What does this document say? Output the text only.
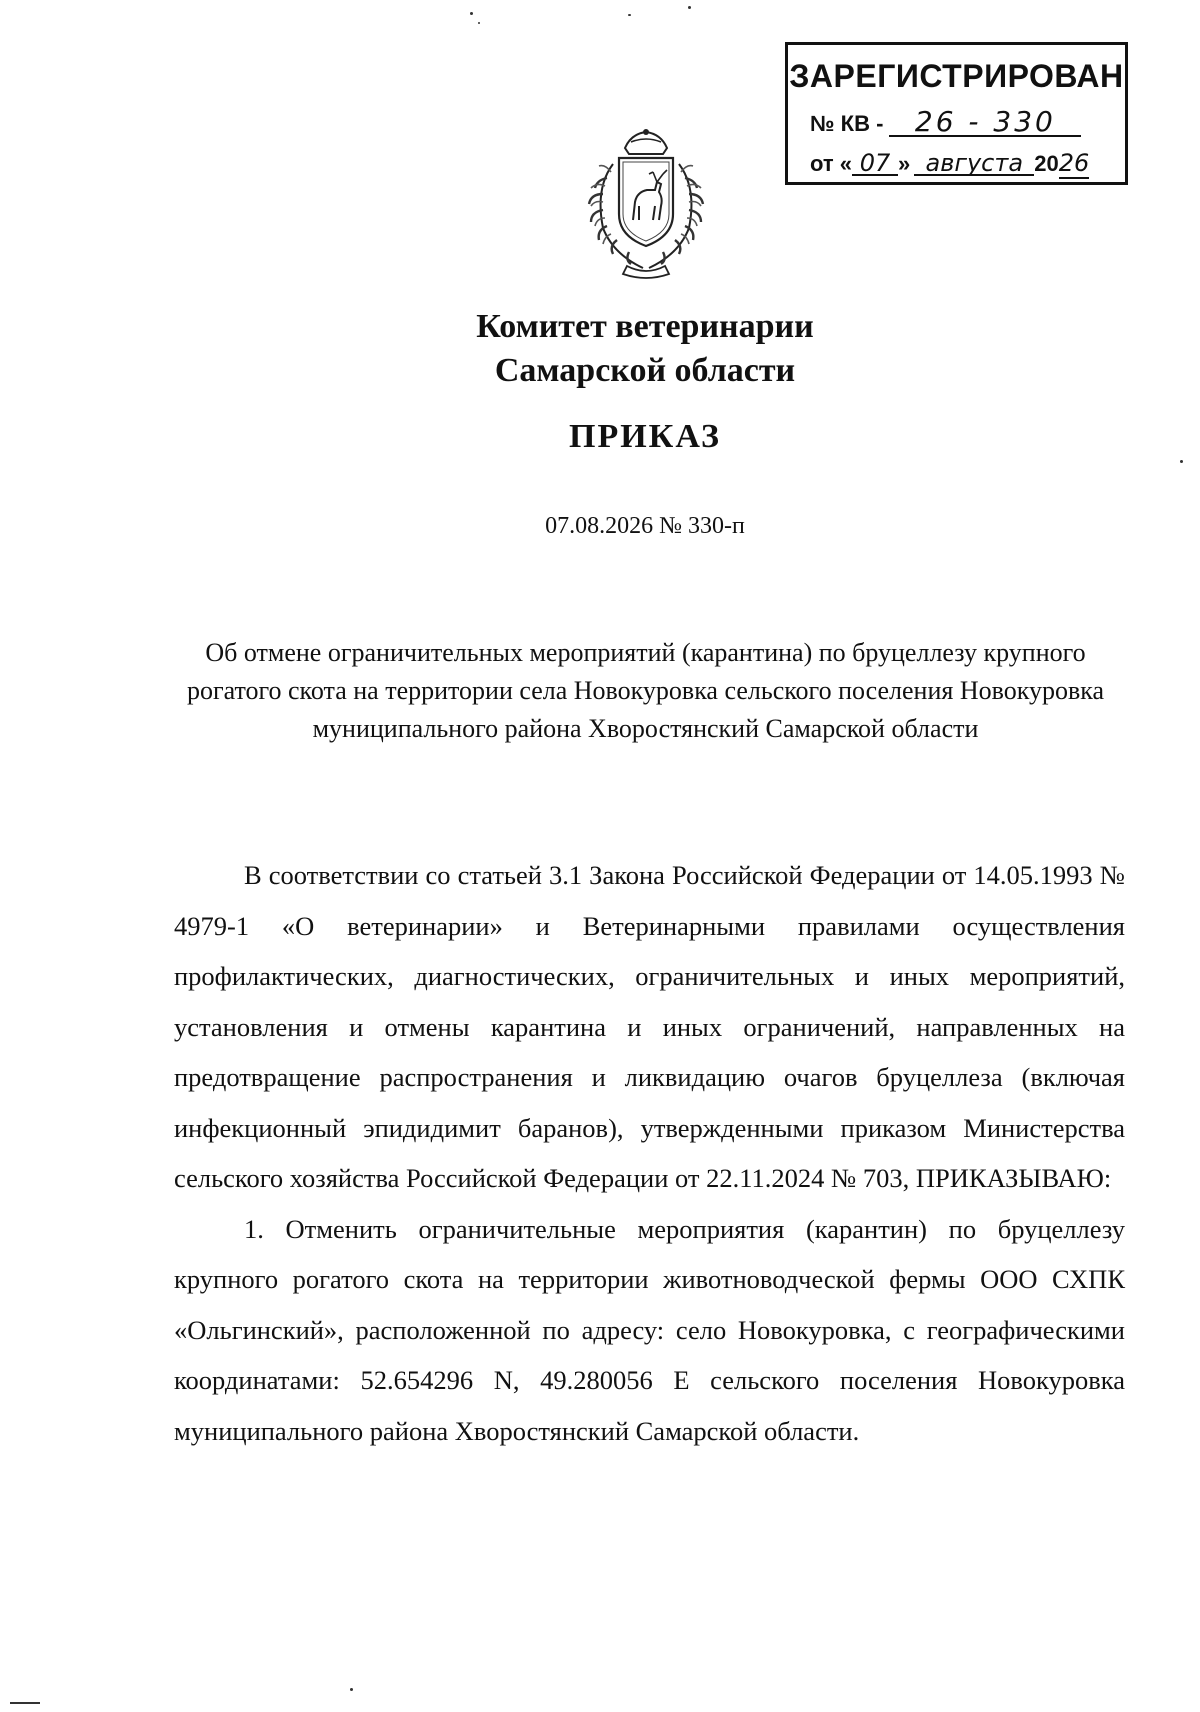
ЗАРЕГИСТРИРОВАН
№ КВ - 26 - 330
от « 07 » августа 2026
Комитет ветеринарии
Самарской области
ПРИКАЗ
07.08.2026 № 330-п
Об отмене ограничительных мероприятий (карантина) по бруцеллезу крупного рогатого скота на территории села Новокуровка сельского поселения Новокуровка муниципального района Хворостянский Самарской области

В соответствии со статьей 3.1 Закона Российской Федерации от 14.05.1993 № 4979-1 «О ветеринарии» и Ветеринарными правилами осуществления профилактических, диагностических, ограничительных и иных мероприятий, установления и отмены карантина и иных ограничений, направленных на предотвращение распространения и ликвидацию очагов бруцеллеза (включая инфекционный эпидидимит баранов), утвержденными приказом Министерства сельского хозяйства Российской Федерации от 22.11.2024 № 703, ПРИКАЗЫВАЮ:

1. Отменить ограничительные мероприятия (карантин) по бруцеллезу крупного рогатого скота на территории животноводческой фермы ООО СХПК «Ольгинский», расположенной по адресу: село Новокуровка, с географическими координатами: 52.654296 N, 49.280056 E сельского поселения Новокуровка муниципального района Хворостянский Самарской области.
